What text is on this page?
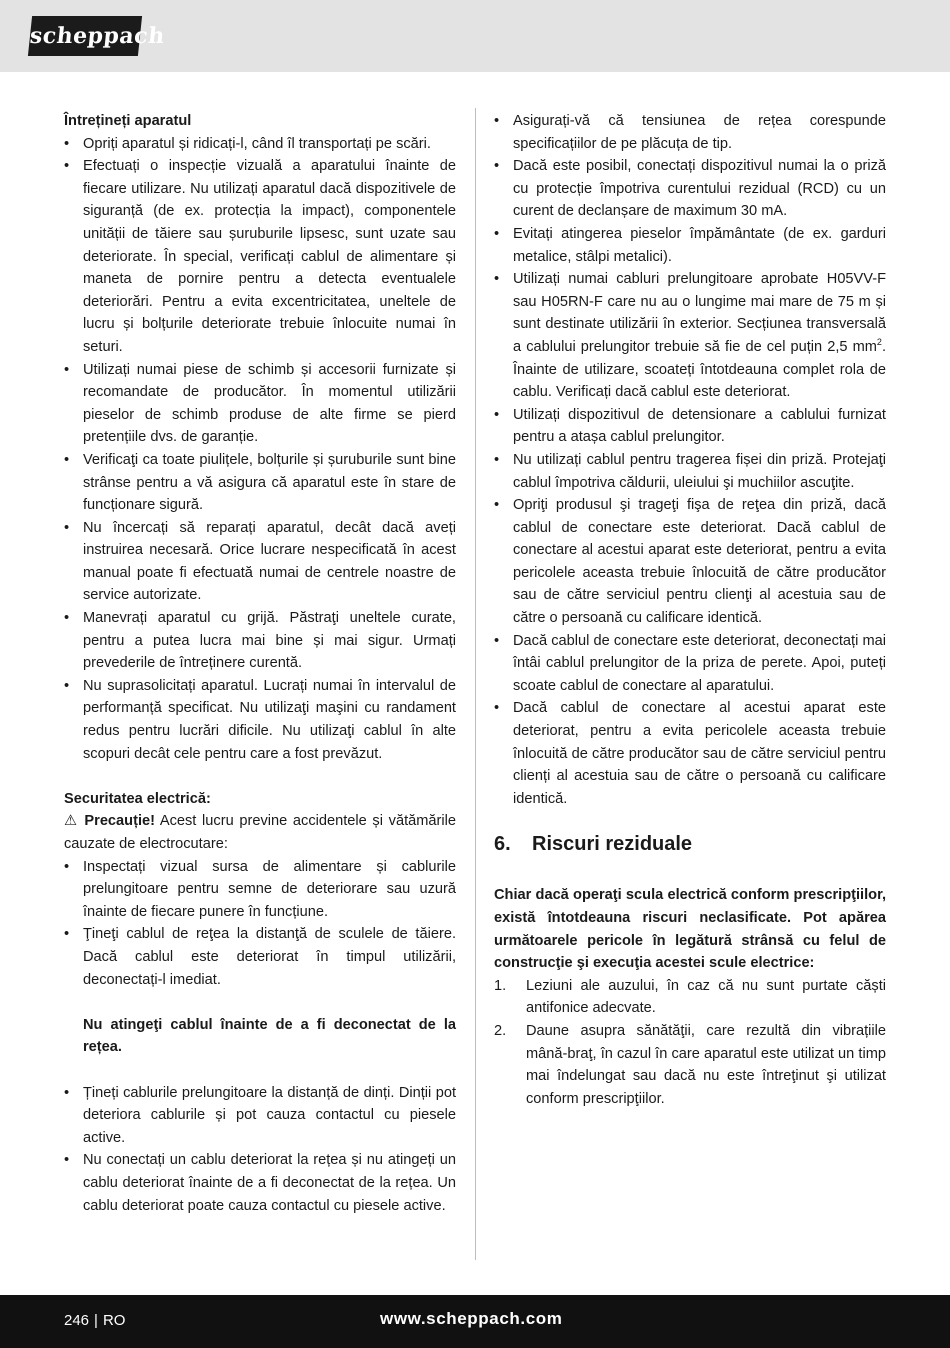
scheppach

Întrețineți aparatul

• Opriți aparatul și ridicați-l, când îl transportați pe scări.
• Efectuați o inspecție vizuală a aparatului înainte de fiecare utilizare. Nu utilizați aparatul dacă dispozitivele de siguranță (de ex. protecția la impact), componentele unității de tăiere sau șuruburile lipsesc, sunt uzate sau deteriorate. În special, verificați cablul de alimentare și maneta de pornire pentru a detecta eventualele deteriorări. Pentru a evita excentricitatea, uneltele de lucru și bolțurile deteriorate trebuie înlocuite numai în seturi.
• Utilizați numai piese de schimb și accesorii furnizate și recomandate de producător. În momentul utilizării pieselor de schimb produse de alte firme se pierd pretențiile dvs. de garanție.
• Verificaţi ca toate piulițele, bolțurile și șuruburile sunt bine strânse pentru a vă asigura că aparatul este în stare de funcționare sigură.
• Nu încercați să reparați aparatul, decât dacă aveți instruirea necesară. Orice lucrare nespecificată în acest manual poate fi efectuată numai de centrele noastre de service autorizate.
• Manevrați aparatul cu grijă. Păstraţi uneltele curate, pentru a putea lucra mai bine și mai sigur. Urmați prevederile de întreținere curentă.
• Nu suprasolicitați aparatul. Lucrați numai în intervalul de performanță specificat. Nu utilizaţi maşini cu randament redus pentru lucrări dificile. Nu utilizaţi cablul în alte scopuri decât cele pentru care a fost prevăzut.

Securitatea electrică:

⚠ Precauție! Acest lucru previne accidentele și vătămările cauzate de electrocutare:

• Inspectați vizual sursa de alimentare și cablurile prelungitoare pentru semne de deteriorare sau uzură înainte de fiecare punere în funcțiune.
• Ţineţi cablul de reţea la distanţă de sculele de tăiere. Dacă cablul este deteriorat în timpul utilizării, deconectați-l imediat.

Nu atingeţi cablul înainte de a fi deconectat de la rețea.

• Țineți cablurile prelungitoare la distanță de dinți. Dinții pot deteriora cablurile și pot cauza contactul cu piesele active.
• Nu conectați un cablu deteriorat la rețea și nu atingeți un cablu deteriorat înainte de a fi deconectat de la rețea. Un cablu deteriorat poate cauza contactul cu piesele active.
• Asigurați-vă că tensiunea de rețea corespunde specificațiilor de pe plăcuța de tip.
• Dacă este posibil, conectați dispozitivul numai la o priză cu protecție împotriva curentului rezidual (RCD) cu un curent de declanșare de maximum 30 mA.
• Evitați atingerea pieselor împământate (de ex. garduri metalice, stâlpi metalici).
• Utilizați numai cabluri prelungitoare aprobate H05VV-F sau H05RN-F care nu au o lungime mai mare de 75 m și sunt destinate utilizării în exterior. Secțiunea transversală a cablului prelungitor trebuie să fie de cel puțin 2,5 $mm^2$. Înainte de utilizare, scoateți întotdeauna complet rola de cablu. Verificați dacă cablul este deteriorat.
• Utilizați dispozitivul de detensionare a cablului furnizat pentru a atașa cablul prelungitor.
• Nu utilizați cablul pentru tragerea fișei din priză. Protejaţi cablul împotriva căldurii, uleiului şi muchiilor ascuţite.
• Opriţi produsul şi trageţi fişa de reţea din priză, dacă cablul de conectare este deteriorat. Dacă cablul de conectare al acestui aparat este deteriorat, pentru a evita pericolele aceasta trebuie înlocuită de către producător sau de către serviciul pentru clienţi al acestuia sau de către o persoană cu calificare identică.
• Dacă cablul de conectare este deteriorat, deconectați mai întâi cablul prelungitor de la priza de perete. Apoi, puteți scoate cablul de conectare al aparatului.
• Dacă cablul de conectare al acestui aparat este deteriorat, pentru a evita pericolele aceasta trebuie înlocuită de către producător sau de către serviciul pentru clienți al acestuia sau de către o persoană cu calificare identică.
6. Riscuri reziduale

Chiar dacă operaţi scula electrică conform prescripţiilor, există întotdeauna riscuri neclasificate. Pot apărea următoarele pericole în legătură strânsă cu felul de construcţie şi execuţia acestei scule electrice:

1. Leziuni ale auzului, în caz că nu sunt purtate căști antifonice adecvate.
2. Daune asupra sănătăţii, care rezultă din vibrațiile mână-braţ, în cazul în care aparatul este utilizat un timp mai îndelungat sau dacă nu este întreţinut şi utilizat conform prescripţiilor.
246 | RO	www.scheppach.com
